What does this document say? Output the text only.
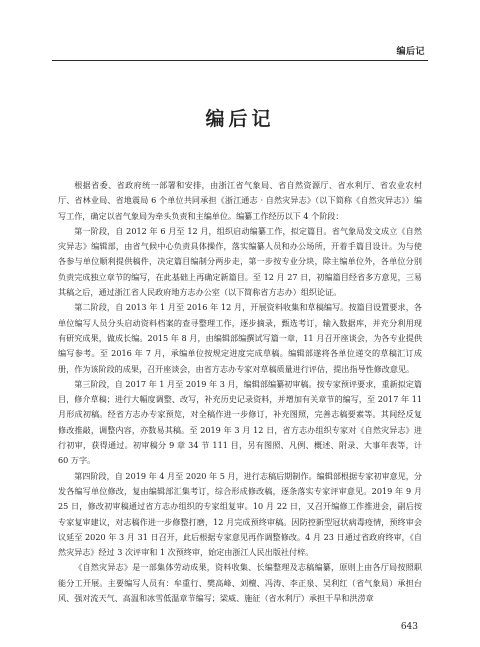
编后记
编后记

根据省委、省政府统一部署和安排，由浙江省气象局、省自然资源厅、省水利厅、省农业农村厅、省林业局、省地震局 6 个单位共同承担《浙江通志 · 自然灾异志》（以下简称《自然灾异志》）编写工作，确定以省气象局为牵头负责和主编单位。编纂工作经历以下 4 个阶段：

第一阶段，自 2012 年 6 月至 12 月，组织启动编纂工作，拟定篇目。省气象局发文成立《自然灾异志》编辑部，由省气候中心负责具体操作，落实编纂人员和办公场所，开着手篇目设计。为与使各参与单位顺利提供稿件，决定篇目编制分两步走，第一步按专业分块，除主编单位外，各单位分别负责完成独立章节的编写，在此基础上再确定新篇目。至 12 月 27 日，初编篇目经省多方意见，三易其稿之后，通过浙江省人民政府地方志办公室（以下简称省方志办）组织论证。

第二阶段，自 2013 年 1 月至 2016 年 12 月，开展资料收集和草稿编写。按篇目设置要求，各单位编写人员分头启动资料档案的查寻整理工作，逐步摘录，甄选考订，输入数据库，并充分利用现有研究成果，做成长编。2015 年 8 月，由编辑部编撰试写篇一章，11 月召开座谈会，为各专业提供编写参考。至 2016 年 7 月，承编单位按规定进度完成草稿。编辑部遂将各单位递交的草稿汇订成册，作为该阶段的成果，召开座谈会，由省方志办专家对草稿质量进行评估，提出指导性修改意见。

第三阶段，自 2017 年 1 月至 2019 年 3 月，编辑部编纂初审稿。按专家预评要求，重新拟定篇目，修介草稿；进行大幅度调整、改写，补充历史记录资料，并增加有关章节的编写，至 2017 年 11 月形成初稿。经省方志办专家预览，对全稿作进一步修订，补充图照，完善志稿要素等。其间经反复修改推敲，调整内容，亦数易其稿。至 2019 年 3 月 12 日，省方志办组织专家对《自然灾异志》进行初审，获得通过。初审稿分 9 章 34 节 111 目，另有图照、凡例、概述、附录、大事年表等，计 60 万字。

第四阶段，自 2019 年 4 月至 2020 年 5 月，进行志稿后期制作。编辑部根据专家初审意见，分发各编写单位修改，复由编辑部汇集考订，综合形成修改稿，逐条落实专家评审意见。2019 年 9 月 25 日，修改初审稿通过省方志办组织的专家组复审。10 月 22 日，又召开编修工作推进会，副后按专家复审建议，对志稿作进一步修整打磨，12 月完成预终审稿。因防控新型冠状病毒疫情，预终审会议延至 2020 年 3 月 31 日召开，此后根据专家意见再作调整修改。4 月 23 日通过省政府终审，《自然灾异志》经过 3 次评审和 1 次预终审，始定由浙江人民出版社付梓。

《自然灾异志》是一部集体劳动成果，资料收集、长编整理及志稿编纂，原则上由各厅局按照职能分工开展。主要编写人员有：牟重行、樊高峰、刘檀、冯涛、李正泉、吴利红（省气象局）承担台风、强对流天气、高温和冰雪低温章节编写；梁威、施征（省水利厅）承担干旱和洪涝章

643
